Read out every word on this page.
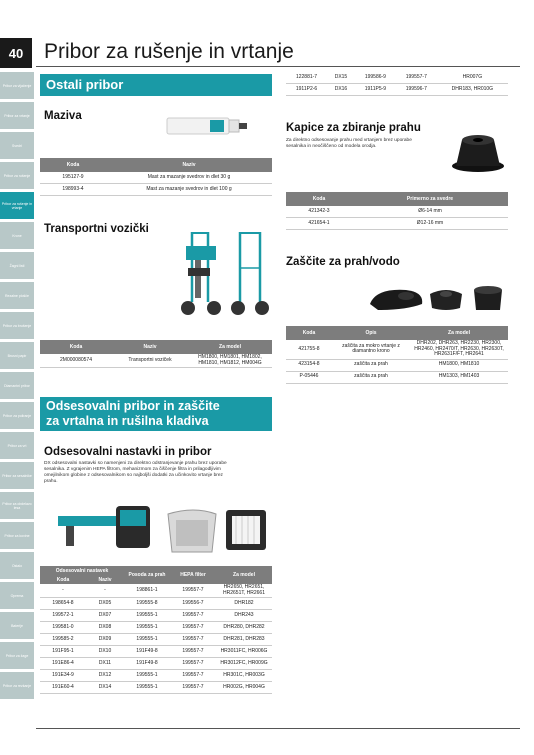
40 Pribor za rušenje in vrtanje
Pribor za vijačenje
Pribor za vrtanje
Svedri
Pribor za rušenje
Pribor za rušenje in vrtanje
Krone
Žagni listi
Rezalne plošče
Pribor za brušenje
Brusni papir
Diamantni pribor
Pribor za poliranje
Pribor za vrt
Pribor za sesalnike
Pribor za obdelavo lesa
Pribor za kovine
Ostalo
Oprema
Baterije
Pribor za žage
Pribor za rezkanje
Ostali pribor
Maziva
Koda	Naziv
195127-9	Mast za mazanje svedrov in dlet 30 g
198993-4	Mast za mazanje svedrov in dlet 100 g
Transportni vozički
Koda	Naziv	Za model
2M000080574	Transportni voziček	HM1800, HM1801, HM1802, HM1810, HM1812, HM004G
Odsesovalni pribor in zaščite
za vrtalna in rušilna kladiva
Odsesovalni nastavki in pribor
DX odsesovalni nastavki so namenjeni za direktno odstranjevanje prahu brez uporabe sesalnika. Z vgrajenim HEPA filtrom, mehanizmom za čiščenje filtra in prilagodljivim omejilnikom globine z odsesovalnikom so najboljši dodatki za učinkovito vrtanje brez prahu.
Odsesovalni nastavek		Posoda za prah	HEPA filter	Za model
Koda	Naziv			
-	-	198861-1	199557-7	HR2650, HR2651, HR2651T, HR2661
198654-8	DX05	199555-8	199556-7	DHR182
199572-1	DX07	199555-1	199557-7	DHR243
199581-0	DX08	199555-1	199557-7	DHR280, DHR282
199585-2	DX09	199555-1	199557-7	DHR281, DHR283
191F95-1	DX10	191F49-8	199557-7	HR3011FC, HR006G
191E86-4	DX11	191F49-8	199557-7	HR3012FC, HR009G
191E34-9	DX12	199555-1	199557-7	HR301C, HR003G
191E60-4	DX14	199555-1	199557-7	HR002G, HR004G
122881-7	DX15	199586-9	199557-7	HR007G
1911P2-6	DX16	1911P5-9	199596-7	DHR183, HR010G
Kapice za zbiranje prahu
Za direktno odsesovanje prahu med vrtanjem brez uporabe sesalnika in neočiščeno od modela orodja.
Koda	Primerno za svedre
421342-3	Ø6-14 mm
421654-1	Ø12-16 mm
Zaščite za prah/vodo
Koda	Opis	Za model
421755-8	zaščita za mokro vrtanje z diamantno krono	DHR202, DHR263, HR2230, HR2300, HR2460, HR2470/T, HR2630, HR2630T, HR2631F/FT, HR2641
423154-8	zaščita za prah	HM1800, HM1810
P-05446	zaščita za prah	HM1303, HM1403
